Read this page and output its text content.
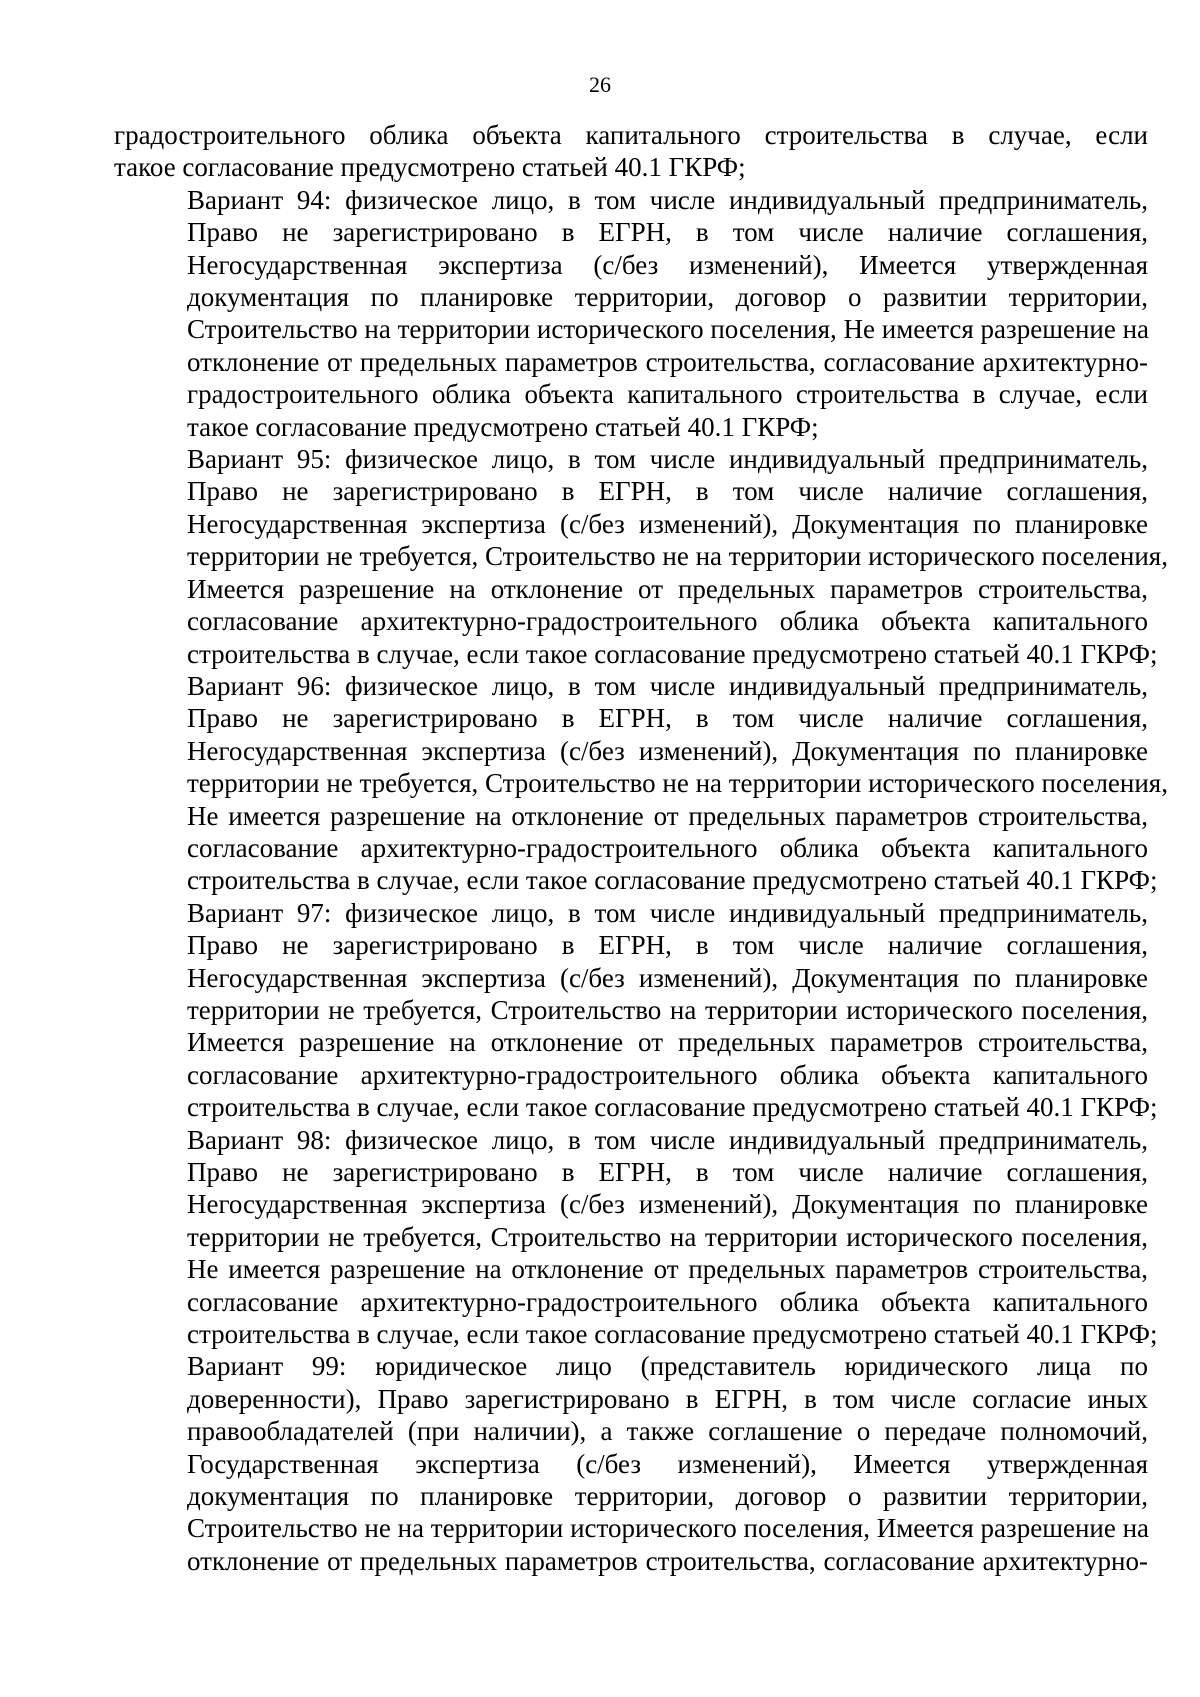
26

градостроительного облика объекта капитального строительства в случае, если
такое согласование предусмотрено статьей 40.1 ГКРФ;

Вариант 94: физическое лицо, в том числе индивидуальный предприниматель,
Право не зарегистрировано в ЕГРН, в том числе наличие соглашения,
Негосударственная экспертиза (с/без изменений), Имеется утвержденная
документация по планировке территории, договор о развитии территории,
Строительство на территории исторического поселения, Не имеется разрешение на
отклонение от предельных параметров строительства, согласование архитектурно-
градостроительного облика объекта капитального строительства в случае, если
такое согласование предусмотрено статьей 40.1 ГКРФ;

Вариант 95: физическое лицо, в том числе индивидуальный предприниматель,
Право не зарегистрировано в ЕГРН, в том числе наличие соглашения,
Негосударственная экспертиза (с/без изменений), Документация по планировке
территории не требуется, Строительство не на территории исторического поселения,
Имеется разрешение на отклонение от предельных параметров строительства,
согласование архитектурно-градостроительного облика объекта капитального
строительства в случае, если такое согласование предусмотрено статьей 40.1 ГКРФ;

Вариант 96: физическое лицо, в том числе индивидуальный предприниматель,
Право не зарегистрировано в ЕГРН, в том числе наличие соглашения,
Негосударственная экспертиза (с/без изменений), Документация по планировке
территории не требуется, Строительство не на территории исторического поселения,
Не имеется разрешение на отклонение от предельных параметров строительства,
согласование архитектурно-градостроительного облика объекта капитального
строительства в случае, если такое согласование предусмотрено статьей 40.1 ГКРФ;

Вариант 97: физическое лицо, в том числе индивидуальный предприниматель,
Право не зарегистрировано в ЕГРН, в том числе наличие соглашения,
Негосударственная экспертиза (с/без изменений), Документация по планировке
территории не требуется, Строительство на территории исторического поселения,
Имеется разрешение на отклонение от предельных параметров строительства,
согласование архитектурно-градостроительного облика объекта капитального
строительства в случае, если такое согласование предусмотрено статьей 40.1 ГКРФ;

Вариант 98: физическое лицо, в том числе индивидуальный предприниматель,
Право не зарегистрировано в ЕГРН, в том числе наличие соглашения,
Негосударственная экспертиза (с/без изменений), Документация по планировке
территории не требуется, Строительство на территории исторического поселения,
Не имеется разрешение на отклонение от предельных параметров строительства,
согласование архитектурно-градостроительного облика объекта капитального
строительства в случае, если такое согласование предусмотрено статьей 40.1 ГКРФ;

Вариант 99: юридическое лицо (представитель юридического лица по
доверенности), Право зарегистрировано в ЕГРН, в том числе согласие иных
правообладателей (при наличии), а также соглашение о передаче полномочий,
Государственная экспертиза (с/без изменений), Имеется утвержденная
документация по планировке территории, договор о развитии территории,
Строительство не на территории исторического поселения, Имеется разрешение на
отклонение от предельных параметров строительства, согласование архитектурно-
